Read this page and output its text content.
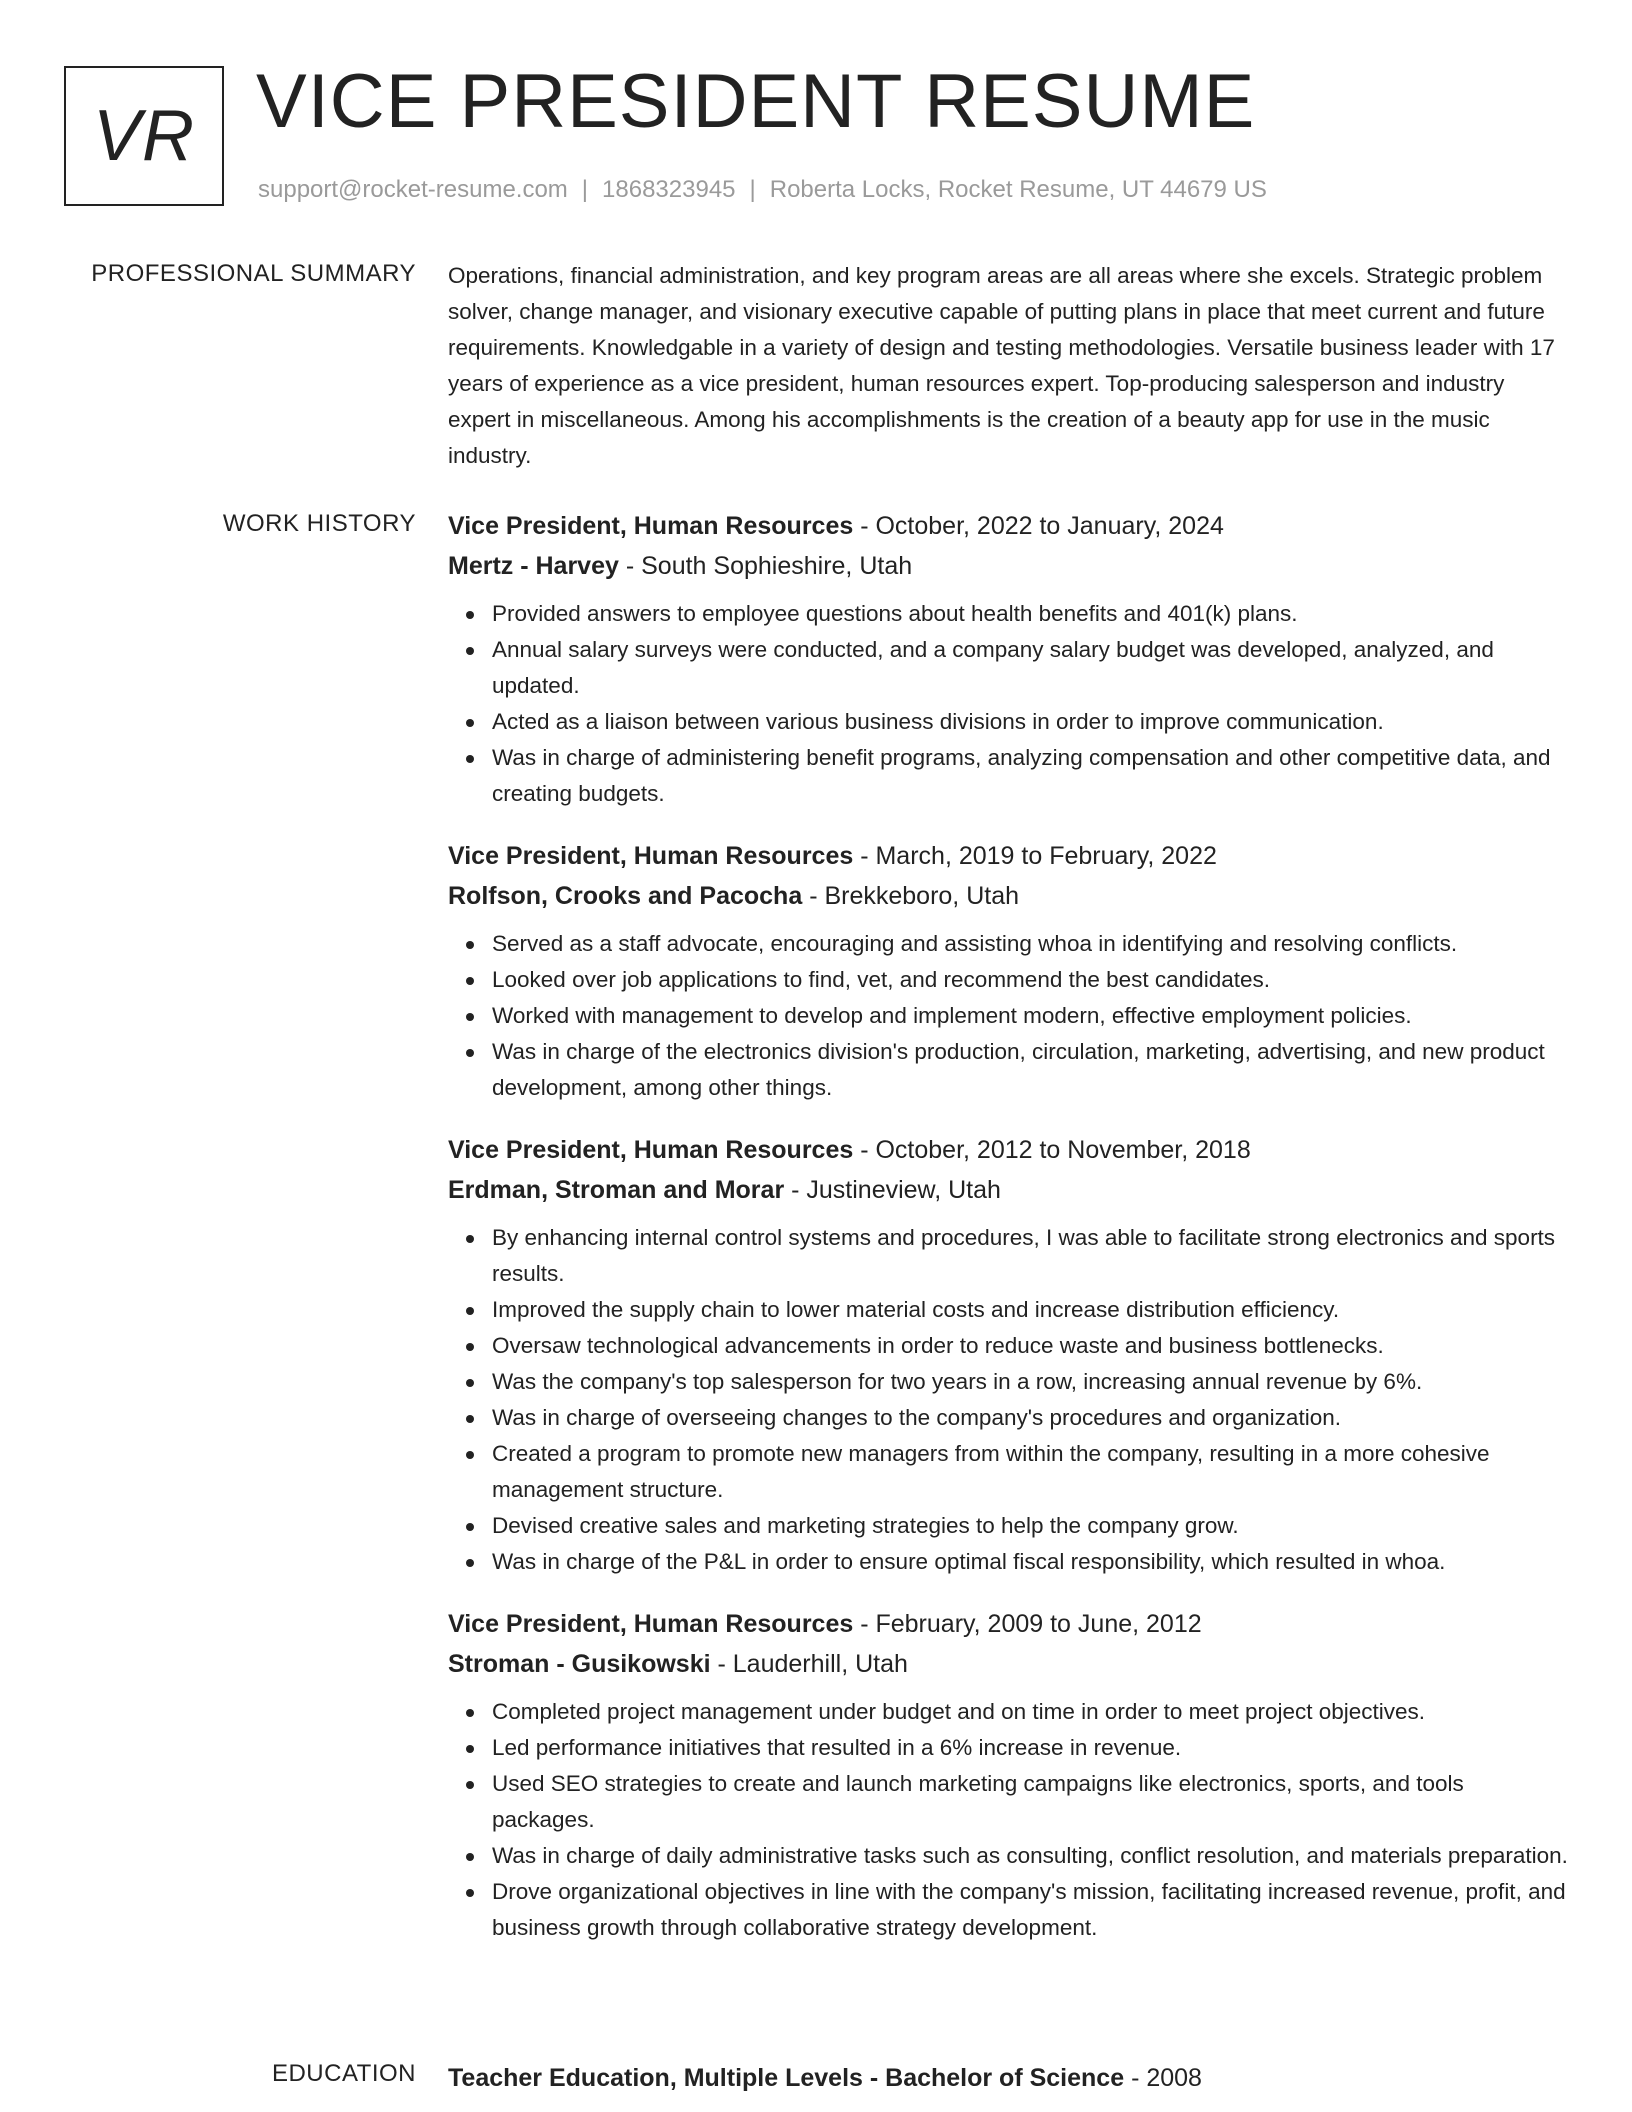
VR VICE PRESIDENT RESUME
support@rocket-resume.com | 1868323945 | Roberta Locks, Rocket Resume, UT 44679 US
PROFESSIONAL SUMMARY Operations, financial administration, and key program areas are all areas where she excels. Strategic problem solver, change manager, and visionary executive capable of putting plans in place that meet current and future requirements. Knowledgable in a variety of design and testing methodologies. Versatile business leader with 17 years of experience as a vice president, human resources expert. Top-producing salesperson and industry expert in miscellaneous. Among his accomplishments is the creation of a beauty app for use in the music industry.

WORK HISTORY Vice President, Human Resources - October, 2022 to January, 2024
Mertz - Harvey - South Sophieshire, Utah
Provided answers to employee questions about health benefits and 401(k) plans.
Annual salary surveys were conducted, and a company salary budget was developed, analyzed, and updated.
Acted as a liaison between various business divisions in order to improve communication.
Was in charge of administering benefit programs, analyzing compensation and other competitive data, and creating budgets.
Vice President, Human Resources - March, 2019 to February, 2022
Rolfson, Crooks and Pacocha - Brekkeboro, Utah
Served as a staff advocate, encouraging and assisting whoa in identifying and resolving conflicts.
Looked over job applications to find, vet, and recommend the best candidates.
Worked with management to develop and implement modern, effective employment policies.
Was in charge of the electronics division's production, circulation, marketing, advertising, and new product development, among other things.
Vice President, Human Resources - October, 2012 to November, 2018
Erdman, Stroman and Morar - Justineview, Utah
By enhancing internal control systems and procedures, I was able to facilitate strong electronics and sports results.
Improved the supply chain to lower material costs and increase distribution efficiency.
Oversaw technological advancements in order to reduce waste and business bottlenecks.
Was the company's top salesperson for two years in a row, increasing annual revenue by 6%.
Was in charge of overseeing changes to the company's procedures and organization.
Created a program to promote new managers from within the company, resulting in a more cohesive management structure.
Devised creative sales and marketing strategies to help the company grow.
Was in charge of the P&L in order to ensure optimal fiscal responsibility, which resulted in whoa.
Vice President, Human Resources - February, 2009 to June, 2012
Stroman - Gusikowski - Lauderhill, Utah
Completed project management under budget and on time in order to meet project objectives.
Led performance initiatives that resulted in a 6% increase in revenue.
Used SEO strategies to create and launch marketing campaigns like electronics, sports, and tools packages.
Was in charge of daily administrative tasks such as consulting, conflict resolution, and materials preparation.
Drove organizational objectives in line with the company's mission, facilitating increased revenue, profit, and business growth through collaborative strategy development.
EDUCATION Teacher Education, Multiple Levels - Bachelor of Science - 2008
